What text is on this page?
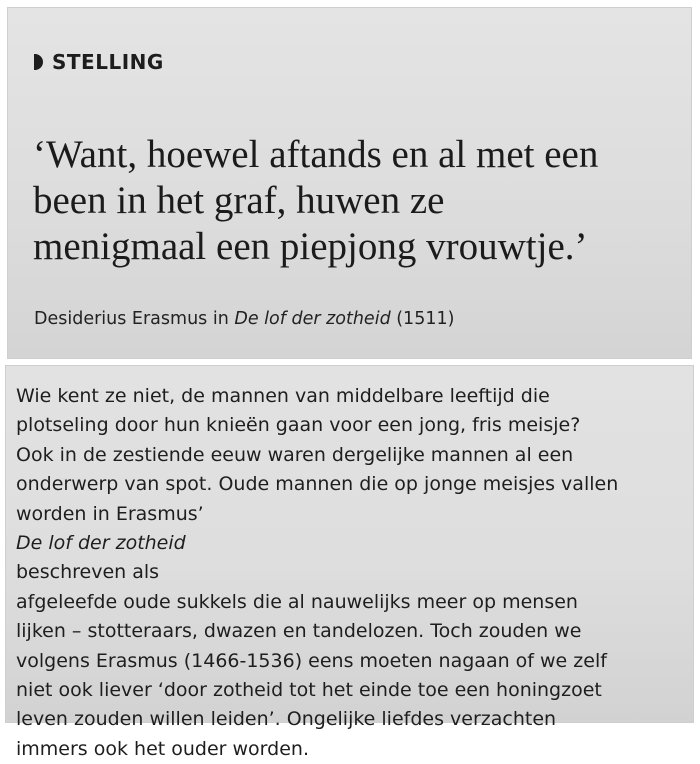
STELLING

‘Want, hoewel aftands en al met een
been in het graf, huwen ze
menigmaal een piepjong vrouwtje.’

Desiderius Erasmus in De lof der zotheid (1511)

Wie kent ze niet, de mannen van middelbare leeftijd die
plotseling door hun knieën gaan voor een jong, fris meisje?
Ook in de zestiende eeuw waren dergelijke mannen al een
onderwerp van spot. Oude mannen die op jonge meisjes vallen
worden in Erasmus’
De lof der zotheid
beschreven als
afgeleefde oude sukkels die al nauwelijks meer op mensen
lijken – stotteraars, dwazen en tandelozen. Toch zouden we
volgens Erasmus (1466-1536) eens moeten nagaan of we zelf
niet ook liever ‘door zotheid tot het einde toe een honingzoet
leven zouden willen leiden’. Ongelijke liefdes verzachten
immers ook het ouder worden.
